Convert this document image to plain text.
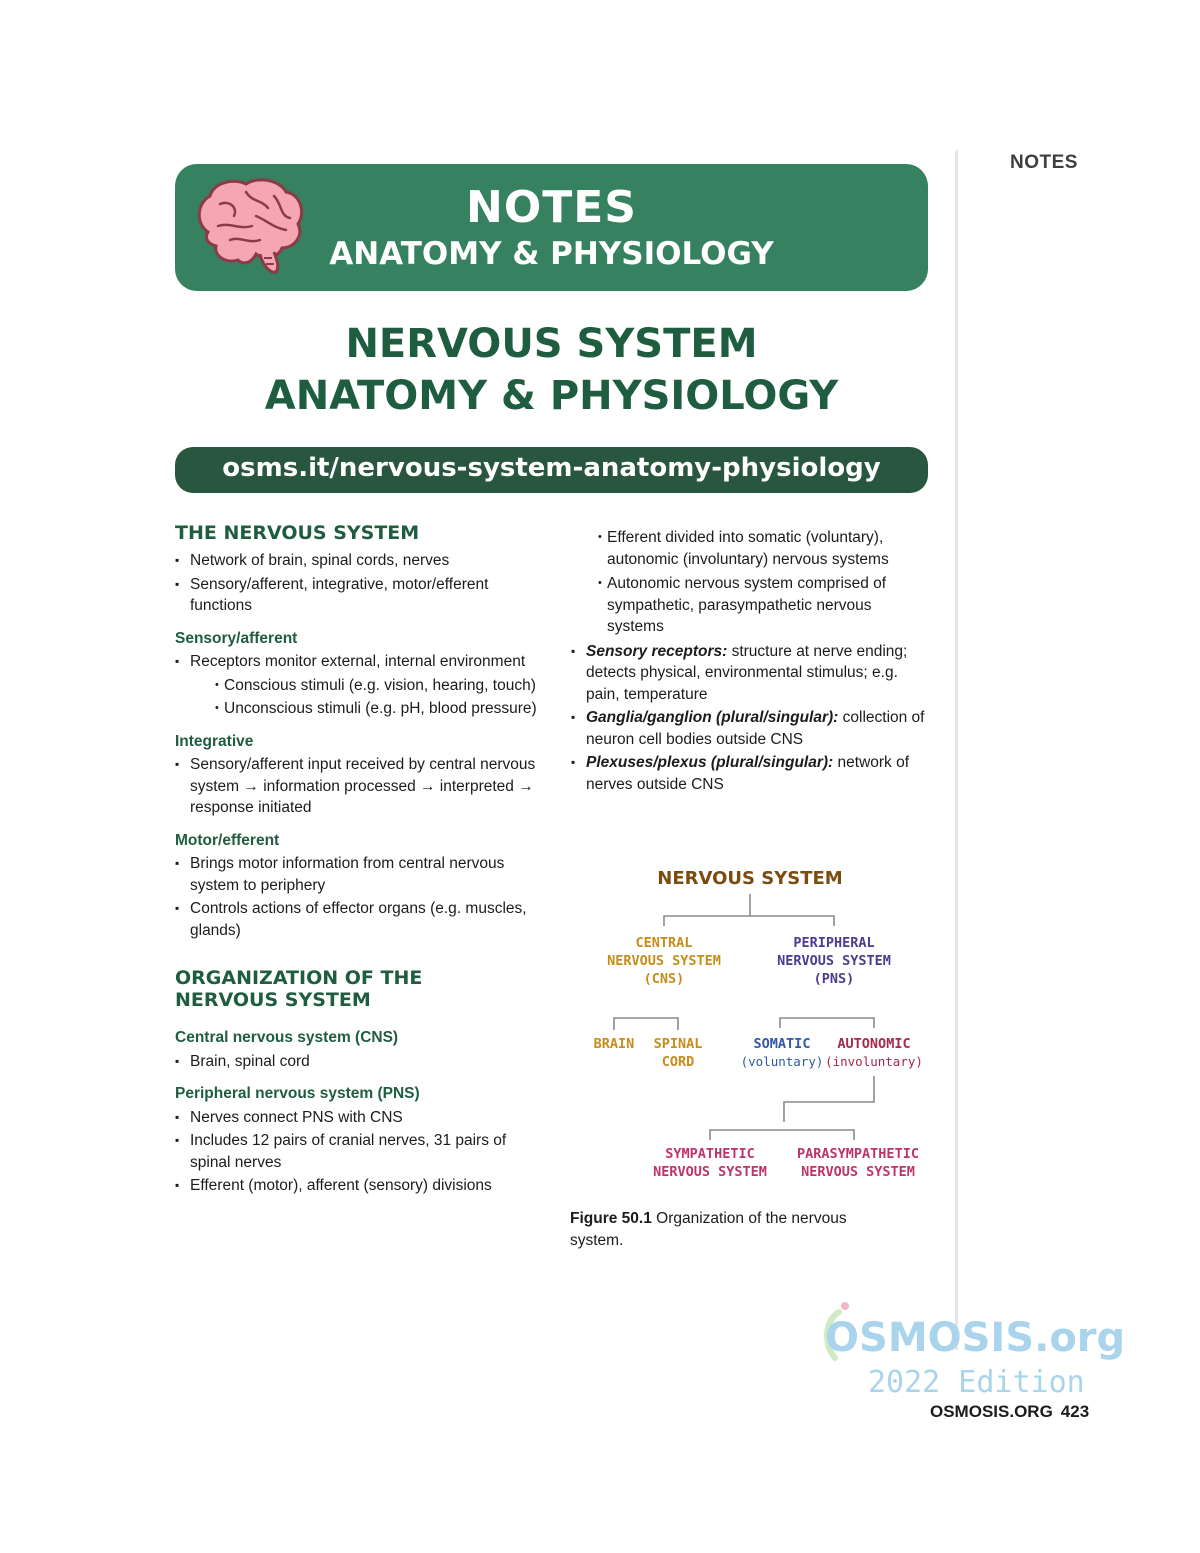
NOTES
NOTES
ANATOMY & PHYSIOLOGY
NERVOUS SYSTEM
ANATOMY & PHYSIOLOGY
osms.it/nervous-system-anatomy-physiology
THE NERVOUS SYSTEM
▪ Network of brain, spinal cords, nerves
▪ Sensory/afferent, integrative, motor/efferent functions
Sensory/afferent
▪ Receptors monitor external, internal environment
• Conscious stimuli (e.g. vision, hearing, touch)
• Unconscious stimuli (e.g. pH, blood pressure)
Integrative
▪ Sensory/afferent input received by central nervous system → information processed → interpreted → response initiated
Motor/efferent
▪ Brings motor information from central nervous system to periphery
▪ Controls actions of effector organs (e.g. muscles, glands)
ORGANIZATION OF THE NERVOUS SYSTEM
Central nervous system (CNS)
▪ Brain, spinal cord
Peripheral nervous system (PNS)
▪ Nerves connect PNS with CNS
▪ Includes 12 pairs of cranial nerves, 31 pairs of spinal nerves
▪ Efferent (motor), afferent (sensory) divisions
• Efferent divided into somatic (voluntary), autonomic (involuntary) nervous systems
• Autonomic nervous system comprised of sympathetic, parasympathetic nervous systems
▪ Sensory receptors: structure at nerve ending; detects physical, environmental stimulus; e.g. pain, temperature
▪ Ganglia/ganglion (plural/singular): collection of neuron cell bodies outside CNS
▪ Plexuses/plexus (plural/singular): network of nerves outside CNS
NERVOUS SYSTEM
CENTRAL
NERVOUS SYSTEM
(CNS)
PERIPHERAL
NERVOUS SYSTEM
(PNS)
BRAIN SPINAL
CORD
SOMATIC
(voluntary)
AUTONOMIC
(involuntary)
SYMPATHETIC
NERVOUS SYSTEM
PARASYMPATHETIC
NERVOUS SYSTEM
Figure 50.1 Organization of the nervous system.
OSMOSIS.org
2022 Edition
OSMOSIS.ORG 423
